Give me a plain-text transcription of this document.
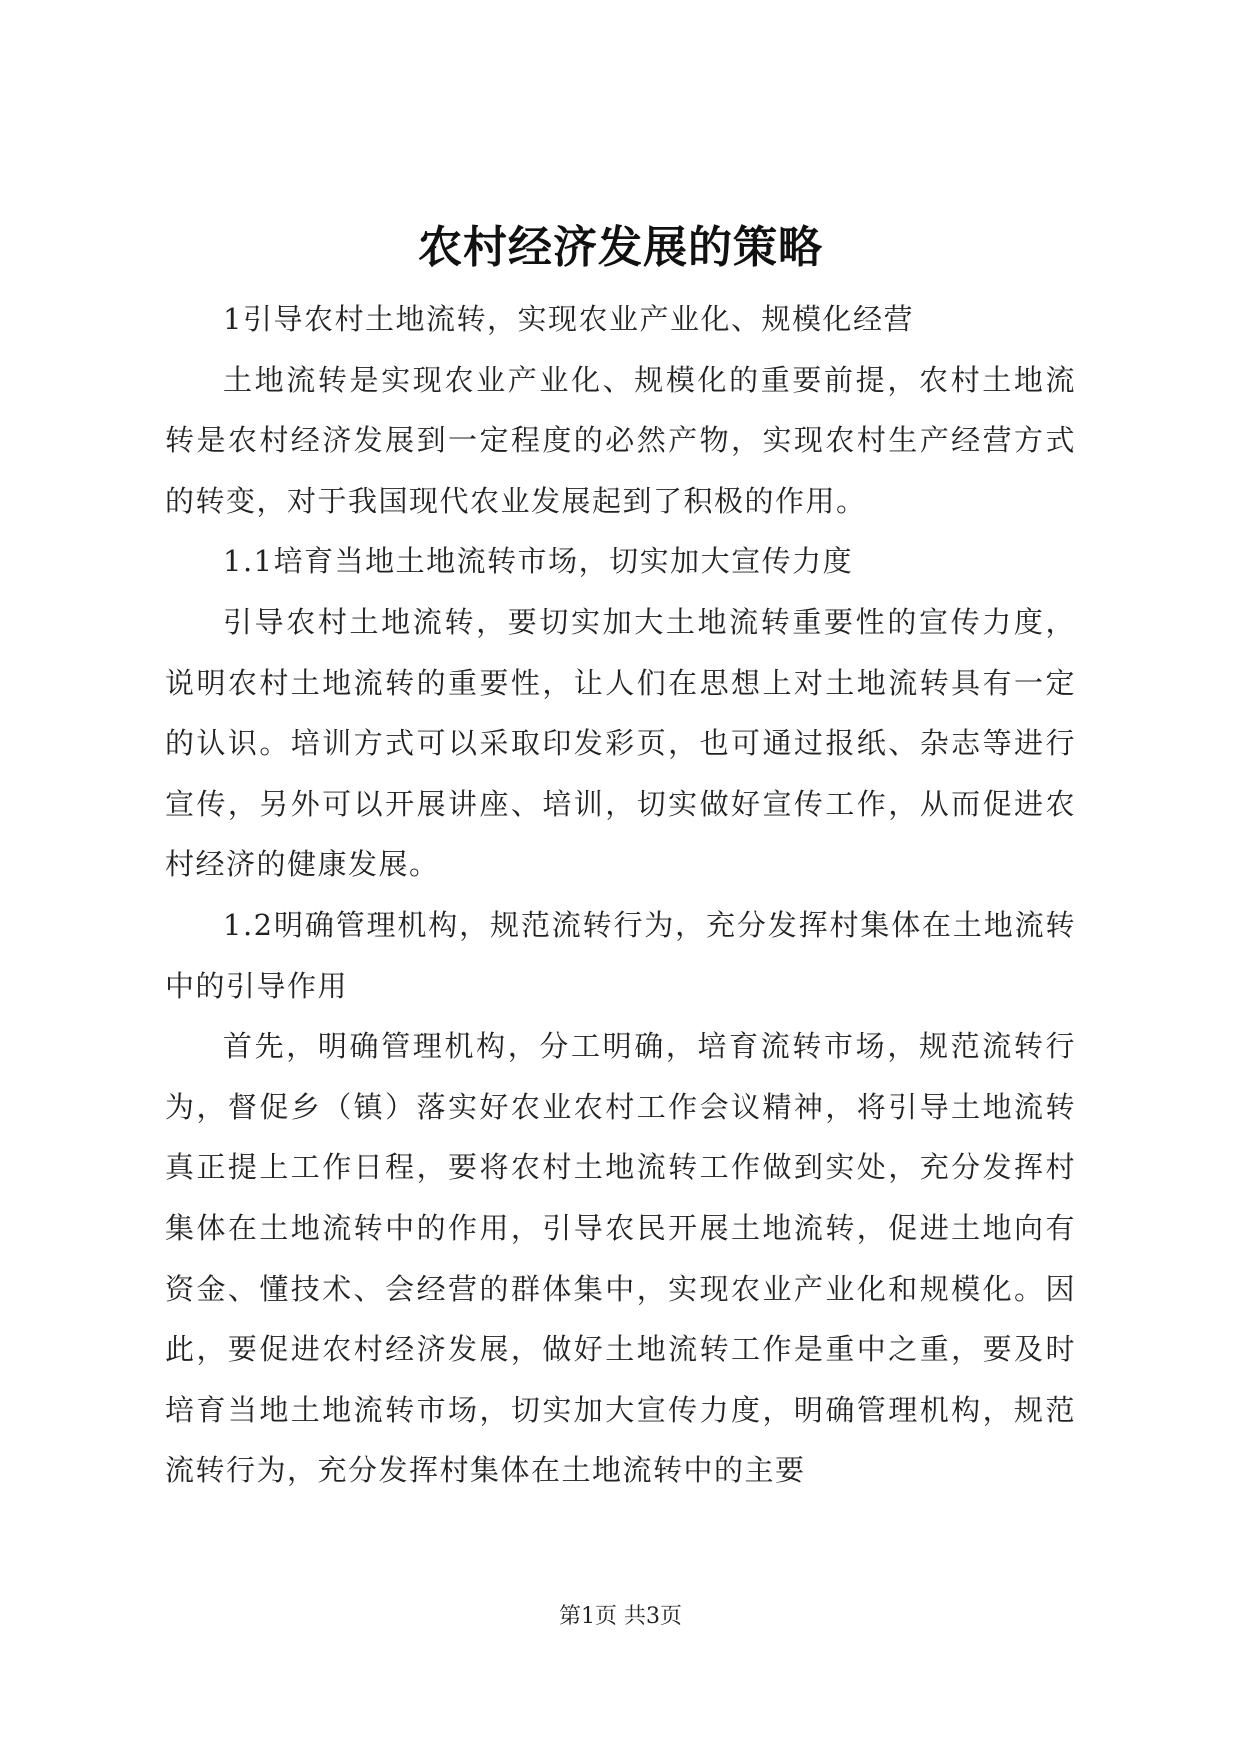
农村经济发展的策略

1引导农村土地流转，实现农业产业化、规模化经营

土地流转是实现农业产业化、规模化的重要前提，农村土地流转是农村经济发展到一定程度的必然产物，实现农村生产经营方式的转变，对于我国现代农业发展起到了积极的作用。

1.1培育当地土地流转市场，切实加大宣传力度

引导农村土地流转，要切实加大土地流转重要性的宣传力度，说明农村土地流转的重要性，让人们在思想上对土地流转具有一定的认识。培训方式可以采取印发彩页，也可通过报纸、杂志等进行宣传，另外可以开展讲座、培训，切实做好宣传工作，从而促进农村经济的健康发展。

1.2明确管理机构，规范流转行为，充分发挥村集体在土地流转中的引导作用

首先，明确管理机构，分工明确，培育流转市场，规范流转行为，督促乡（镇）落实好农业农村工作会议精神，将引导土地流转真正提上工作日程，要将农村土地流转工作做到实处，充分发挥村集体在土地流转中的作用，引导农民开展土地流转，促进土地向有资金、懂技术、会经营的群体集中，实现农业产业化和规模化。因此，要促进农村经济发展，做好土地流转工作是重中之重，要及时培育当地土地流转市场，切实加大宣传力度，明确管理机构，规范流转行为，充分发挥村集体在土地流转中的主要

第1页 共3页
